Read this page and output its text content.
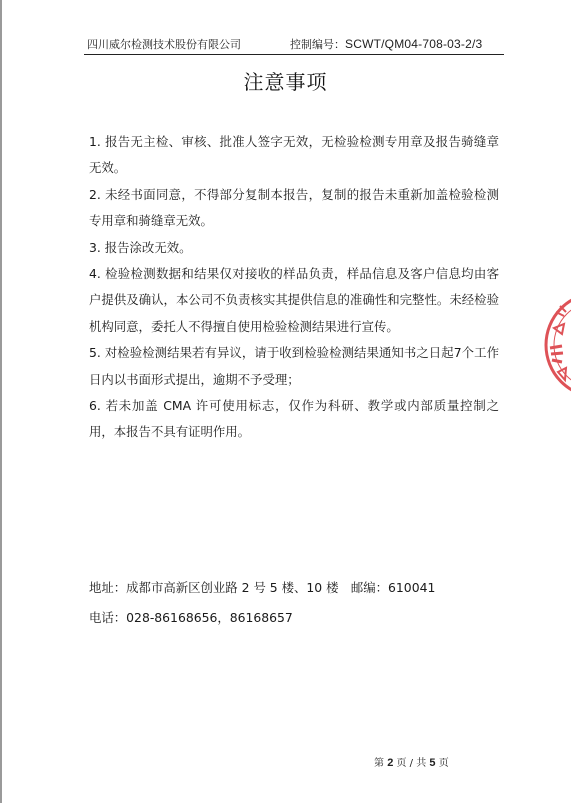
四川威尔检测技术股份有限公司	控制编号：SCWT/QM04-708-03-2/3
注意事项

1. 报告无主检、审核、批准人签字无效，无检验检测专用章及报告骑缝章无效。

2. 未经书面同意，不得部分复制本报告，复制的报告未重新加盖检验检测专用章和骑缝章无效。

3. 报告涂改无效。

4. 检验检测数据和结果仅对接收的样品负责，样品信息及客户信息均由客户提供及确认，本公司不负责核实其提供信息的准确性和完整性。未经检验机构同意，委托人不得擅自使用检验检测结果进行宣传。

5. 对检验检测结果若有异议，请于收到检验检测结果通知书之日起7个工作日内以书面形式提出，逾期不予受理；

6. 若未加盖 CMA 许可使用标志，仅作为科研、教学或内部质量控制之用，本报告不具有证明作用。

地址：成都市高新区创业路 2 号 5 楼、10 楼　邮编：610041
电话：028-86168656，86168657
第 2 页 / 共 5 页
